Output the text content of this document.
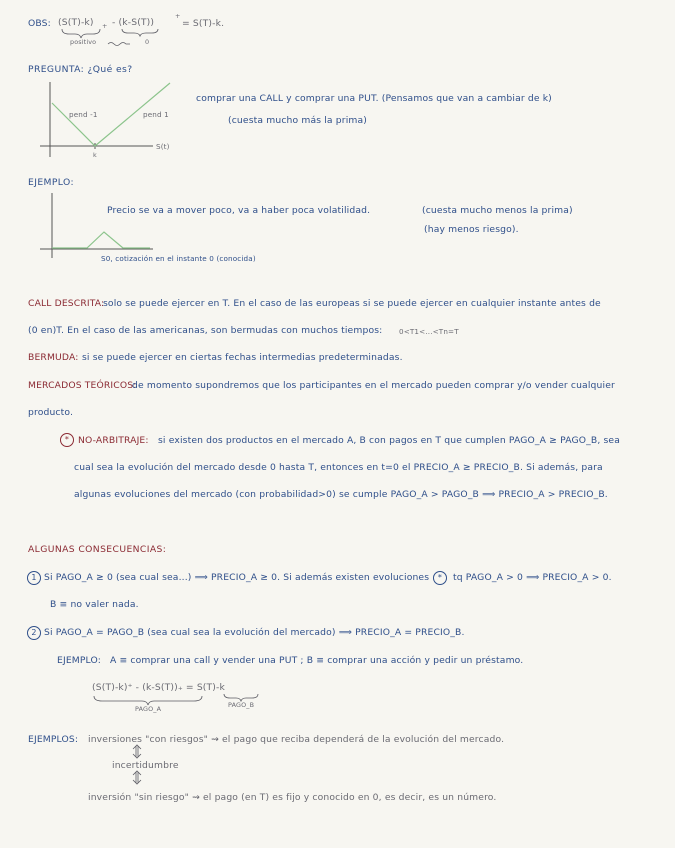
OBS: (S(T)-k) + - (k-S(T))
+
= S(T)-k.
positivo	0
PREGUNTA: ¿Qué es?
pend -1	pend 1
k
S(t)
comprar una CALL y comprar una PUT. (Pensamos que van a cambiar de k)
(cuesta mucho más la prima)
EJEMPLO:
Precio se va a mover poco, va a haber poca volatilidad.	(cuesta mucho menos la prima)
(hay menos riesgo).
S0, cotización en el instante 0 (conocida)
CALL DESCRITA:
solo se puede ejercer en T. En el caso de las europeas si se puede ejercer en cualquier instante antes de
(0 en)T. En el caso de las americanas, son bermudas con muchos tiempos: 0<T1<...<Tn=T
BERMUDA: si se puede ejercer en ciertas fechas intermedias predeterminadas.
MERCADOS TEÓRICOS:
de momento supondremos que los participantes en el mercado pueden comprar y/o vender cualquier
producto.
* NO-ARBITRAJE: si existen dos productos en el mercado A, B con pagos en T que cumplen PAGO_A ≥ PAGO_B, sea
cual sea la evolución del mercado desde 0 hasta T, entonces en t=0 el PRECIO_A ≥ PRECIO_B. Si además, para
algunas evoluciones del mercado (con probabilidad>0) se cumple PAGO_A > PAGO_B ⟹ PRECIO_A > PRECIO_B.
ALGUNAS CONSECUENCIAS:
1 Si PAGO_A ≥ 0 (sea cual sea...) ⟹ PRECIO_A ≥ 0. Si además existen evoluciones	*	tq PAGO_A > 0 ⟹ PRECIO_A > 0.
B ≡ no valer nada.
2 Si PAGO_A = PAGO_B (sea cual sea la evolución del mercado) ⟹ PRECIO_A = PRECIO_B.
EJEMPLO: A ≡ comprar una call y vender una PUT ; B ≡ comprar una acción y pedir un préstamo.
(S(T)-k)⁺ - (k-S(T))₊ = S(T)-k
PAGO_A	PAGO_B
EJEMPLOS: inversiones "con riesgos" ⇝ el pago que reciba dependerá de la evolución del mercado.
incertidumbre
inversión "sin riesgo" ⇝ el pago (en T) es fijo y conocido en 0, es decir, es un número.
